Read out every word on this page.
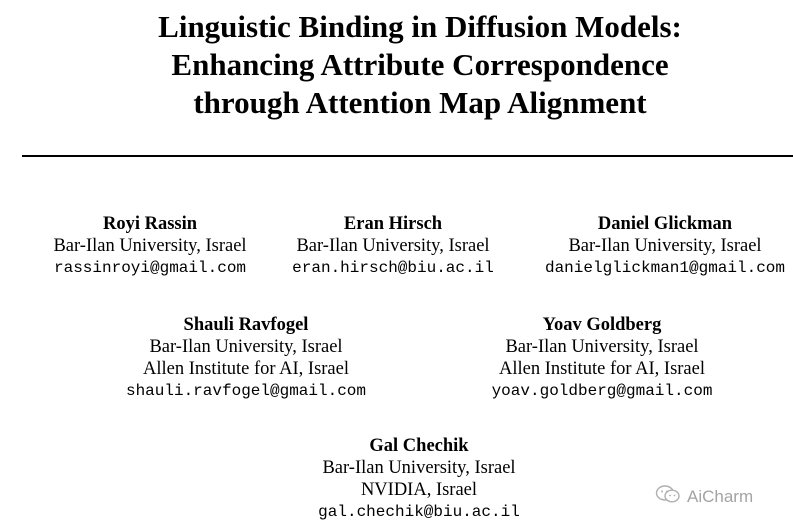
Linguistic Binding in Diffusion Models:
Enhancing Attribute Correspondence
through Attention Map Alignment
Royi Rassin
Bar-Ilan University, Israel
rassinroyi@gmail.com
Eran Hirsch
Bar-Ilan University, Israel
eran.hirsch@biu.ac.il
Daniel Glickman
Bar-Ilan University, Israel
danielglickman1@gmail.com
Shauli Ravfogel
Bar-Ilan University, Israel
Allen Institute for AI, Israel
shauli.ravfogel@gmail.com
Yoav Goldberg
Bar-Ilan University, Israel
Allen Institute for AI, Israel
yoav.goldberg@gmail.com
Gal Chechik
Bar-Ilan University, Israel
NVIDIA, Israel
gal.chechik@biu.ac.il
AiCharm
